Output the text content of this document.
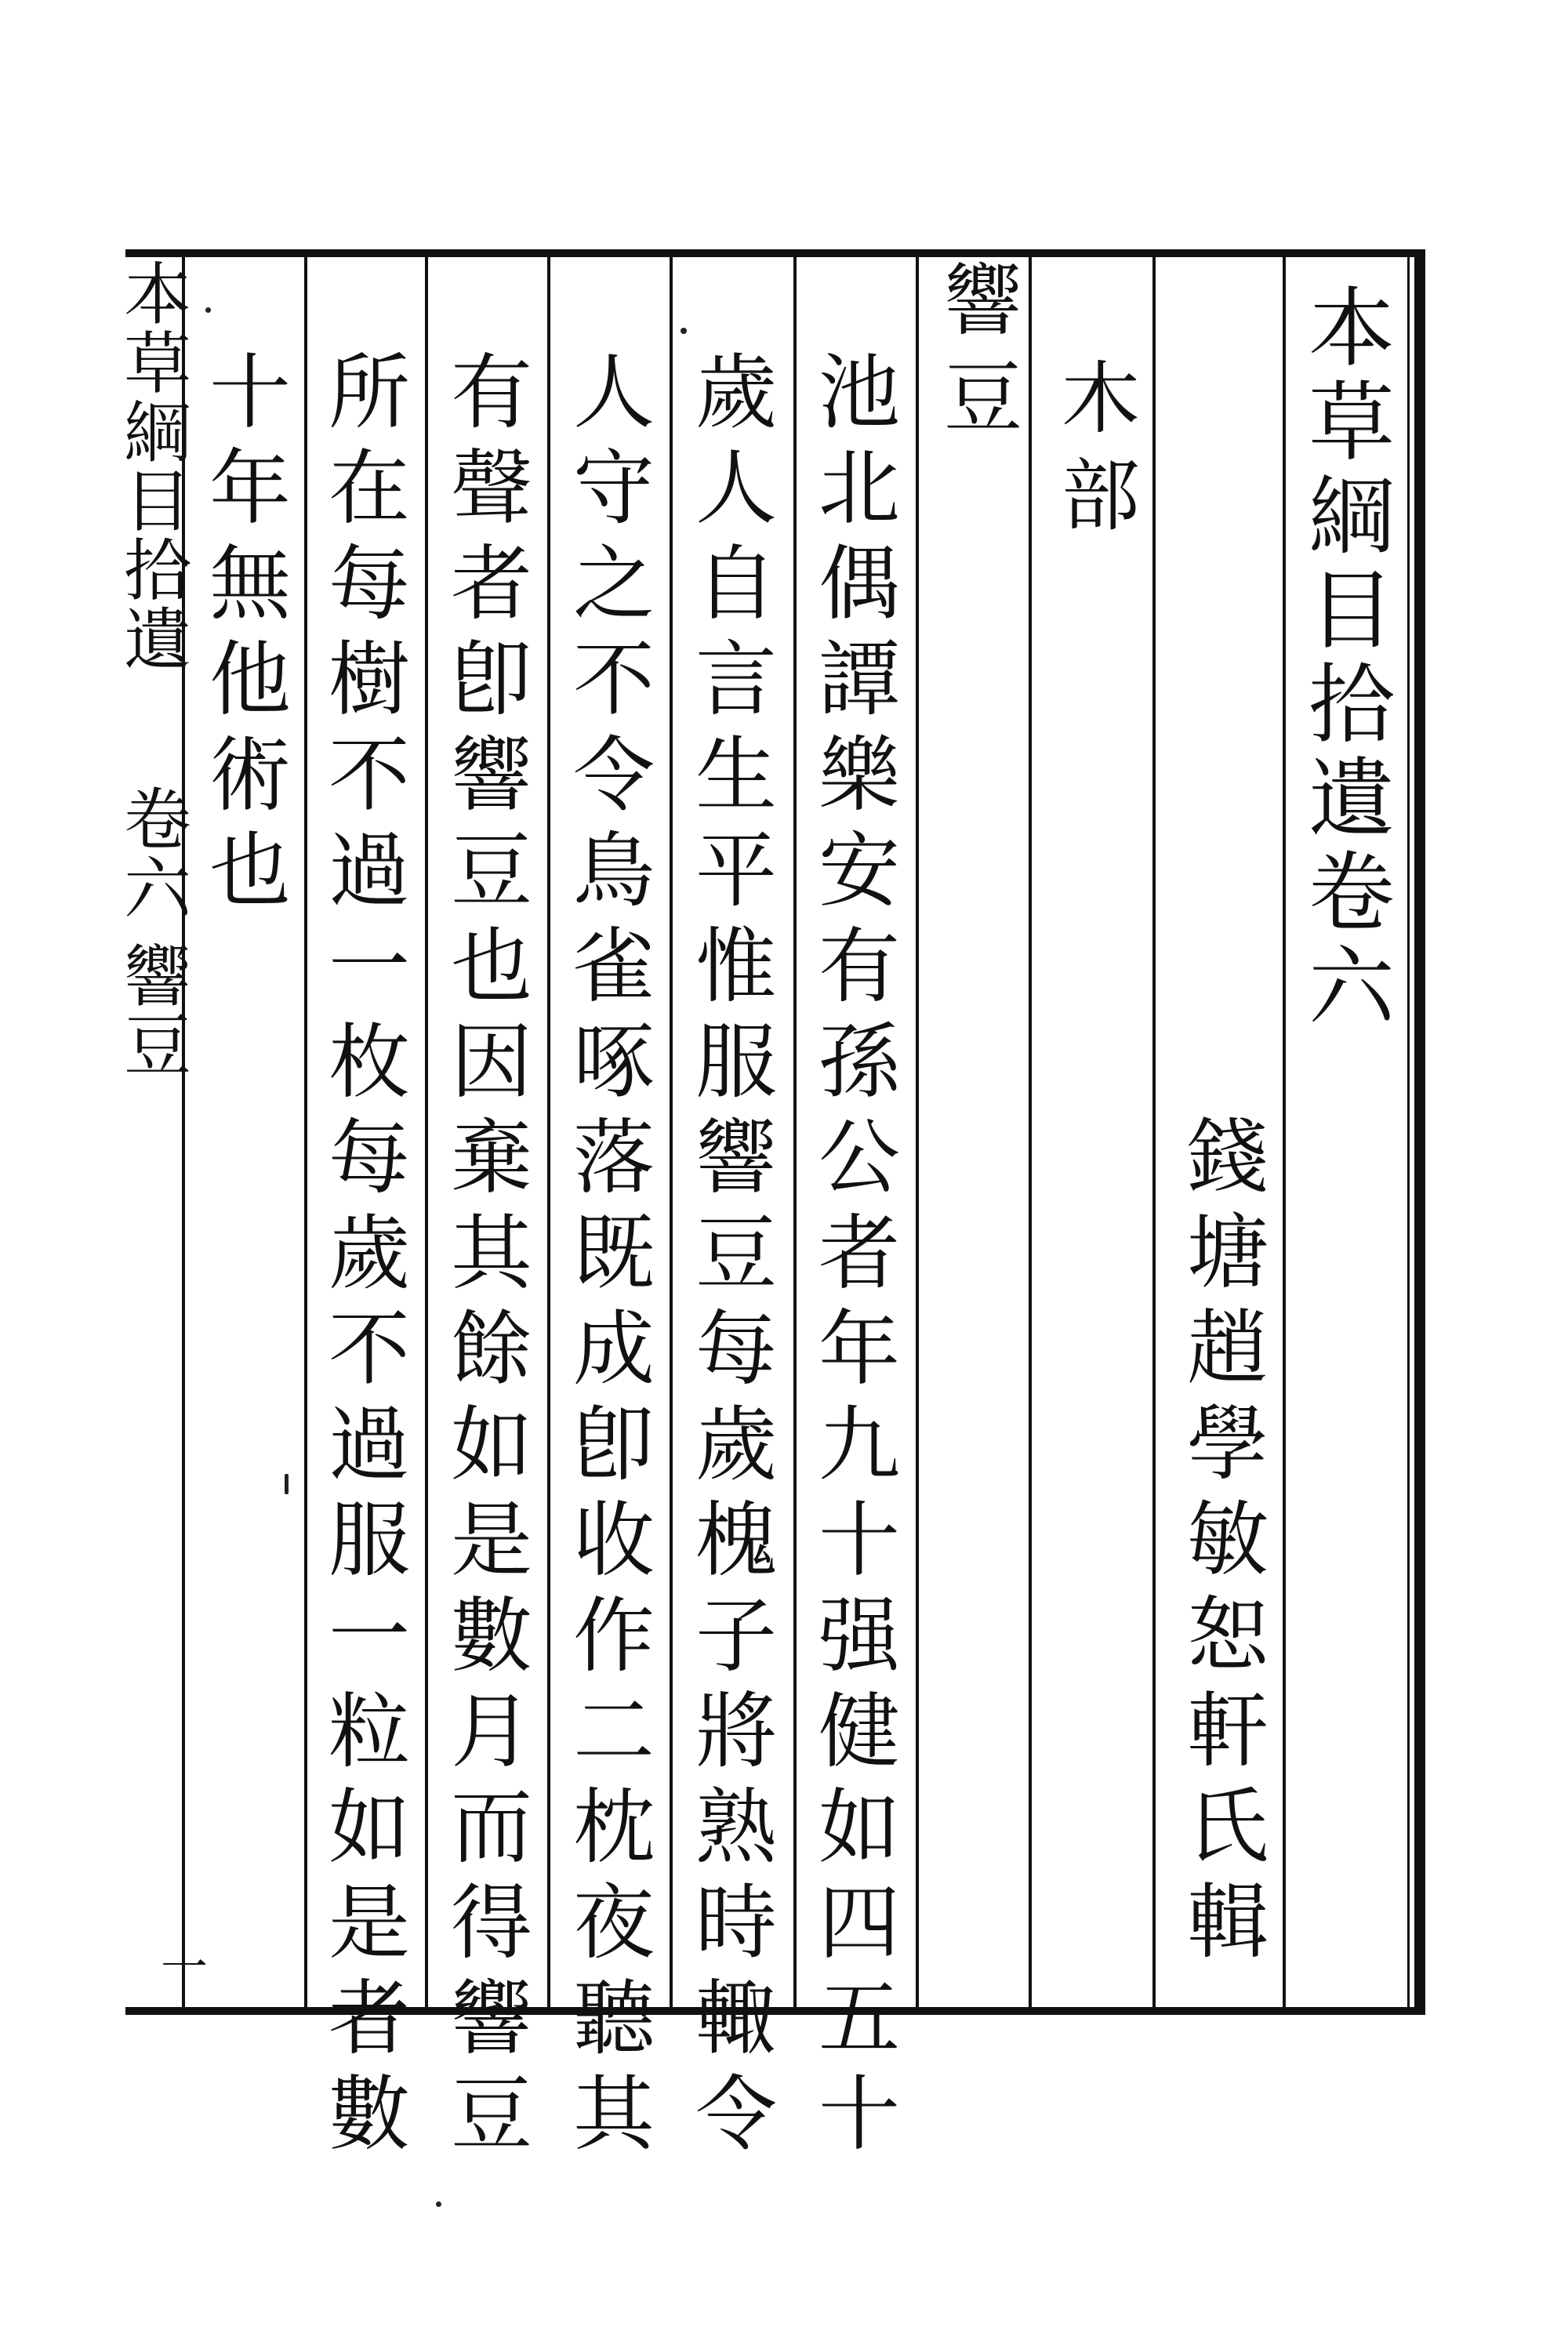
本草綱目拾遺卷六
錢塘趙學敏恕軒氏輯
木部
響豆
池北偶譚樂安有孫公者年九十强健如四五十
歲人自言生平惟服響豆每歲槐子將熟時輙令
人守之不令鳥雀啄落既成卽收作二枕夜聽其
有聲者卽響豆也因棄其餘如是數月而得響豆
所在每樹不過一枚每歲不過服一粒如是者數
十年無他術也
本草綱目拾遺
卷六
響豆
一
